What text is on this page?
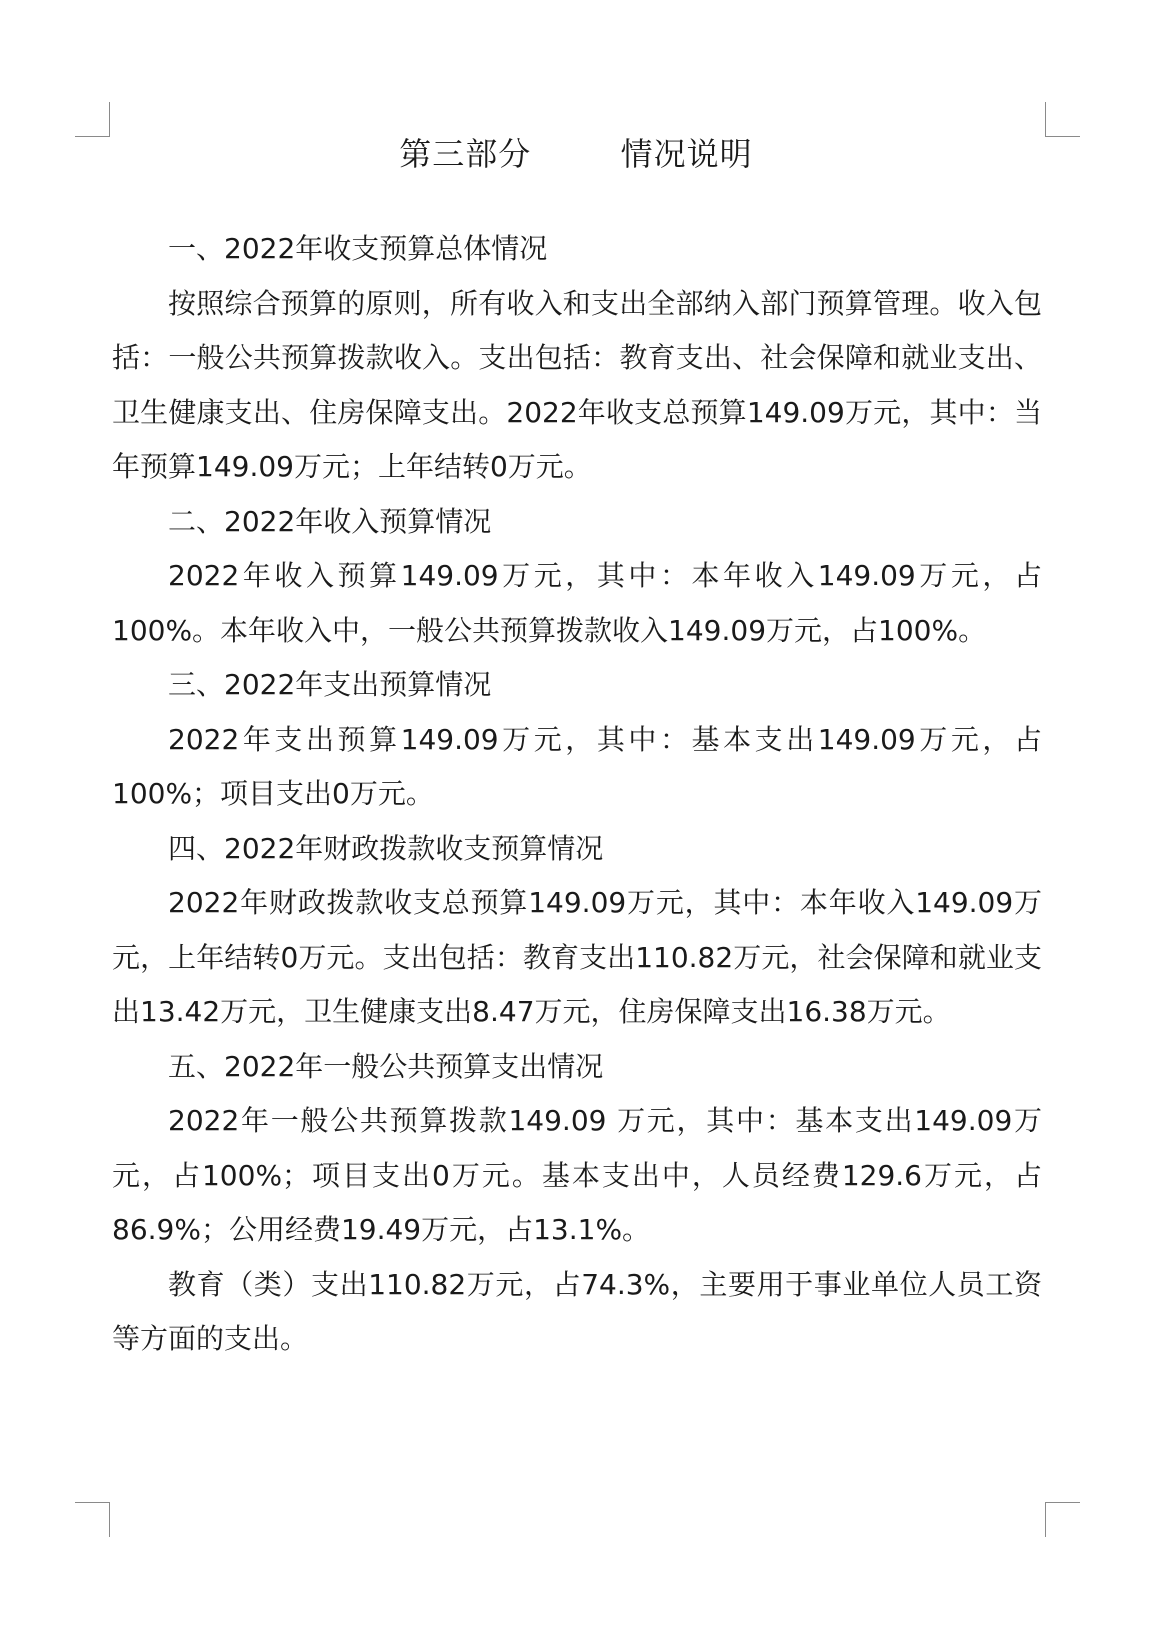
第三部分        情况说明

一、2022年收支预算总体情况

按照综合预算的原则，所有收入和支出全部纳入部门预算管理。收入包括：一般公共预算拨款收入。支出包括：教育支出、社会保障和就业支出、卫生健康支出、住房保障支出。2022年收支总预算149.09万元，其中：当年预算149.09万元；上年结转0万元。

二、2022年收入预算情况

2022年收入预算149.09万元，其中：本年收入149.09万元，占 100%。本年收入中，一般公共预算拨款收入149.09万元，占100%。

三、2022年支出预算情况

2022年支出预算149.09万元，其中：基本支出149.09万元，占100%；项目支出0万元。

四、2022年财政拨款收支预算情况

2022年财政拨款收支总预算149.09万元，其中：本年收入149.09万元，上年结转0万元。支出包括：教育支出110.82万元，社会保障和就业支出13.42万元，卫生健康支出8.47万元，住房保障支出16.38万元。

五、2022年一般公共预算支出情况

2022年一般公共预算拨款149.09 万元，其中：基本支出149.09万元，占100%；项目支出0万元。基本支出中，人员经费129.6万元，占86.9%；公用经费19.49万元，占13.1%。

教育（类）支出110.82万元，占74.3%，主要用于事业单位人员工资等方面的支出。
